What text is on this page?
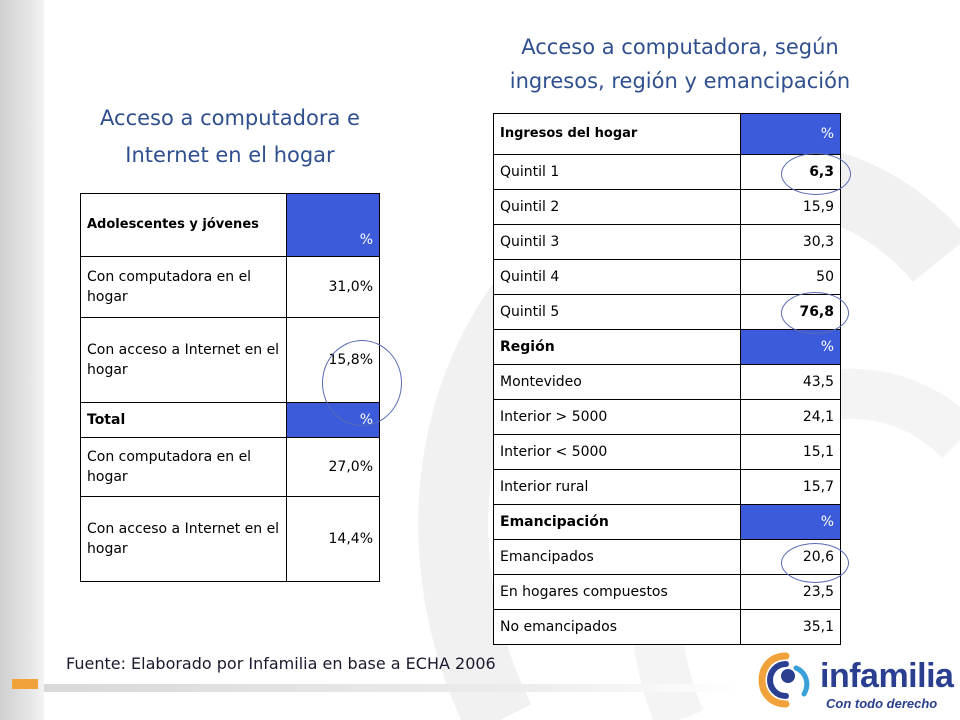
Acceso a computadora e
Internet en el hogar
Acceso a computadora, según
ingresos, región y emancipación
Adolescentes y jóvenes	%
Con computadora en el hogar	31,0%
Con acceso a Internet en el hogar	15,8%
Total	%
Con computadora en el hogar	27,0%
Con acceso a Internet en el hogar	14,4%
Ingresos del hogar	%
Quintil 1	6,3
Quintil 2	15,9
Quintil 3	30,3
Quintil 4	50
Quintil 5	76,8
Región	%
Montevideo	43,5
Interior > 5000	24,1
Interior < 5000	15,1
Interior rural	15,7
Emancipación	%
Emancipados	20,6
En hogares compuestos	23,5
No emancipados	35,1
Fuente: Elaborado por Infamilia en base a ECHA 2006	infamilia
Con todo derecho
